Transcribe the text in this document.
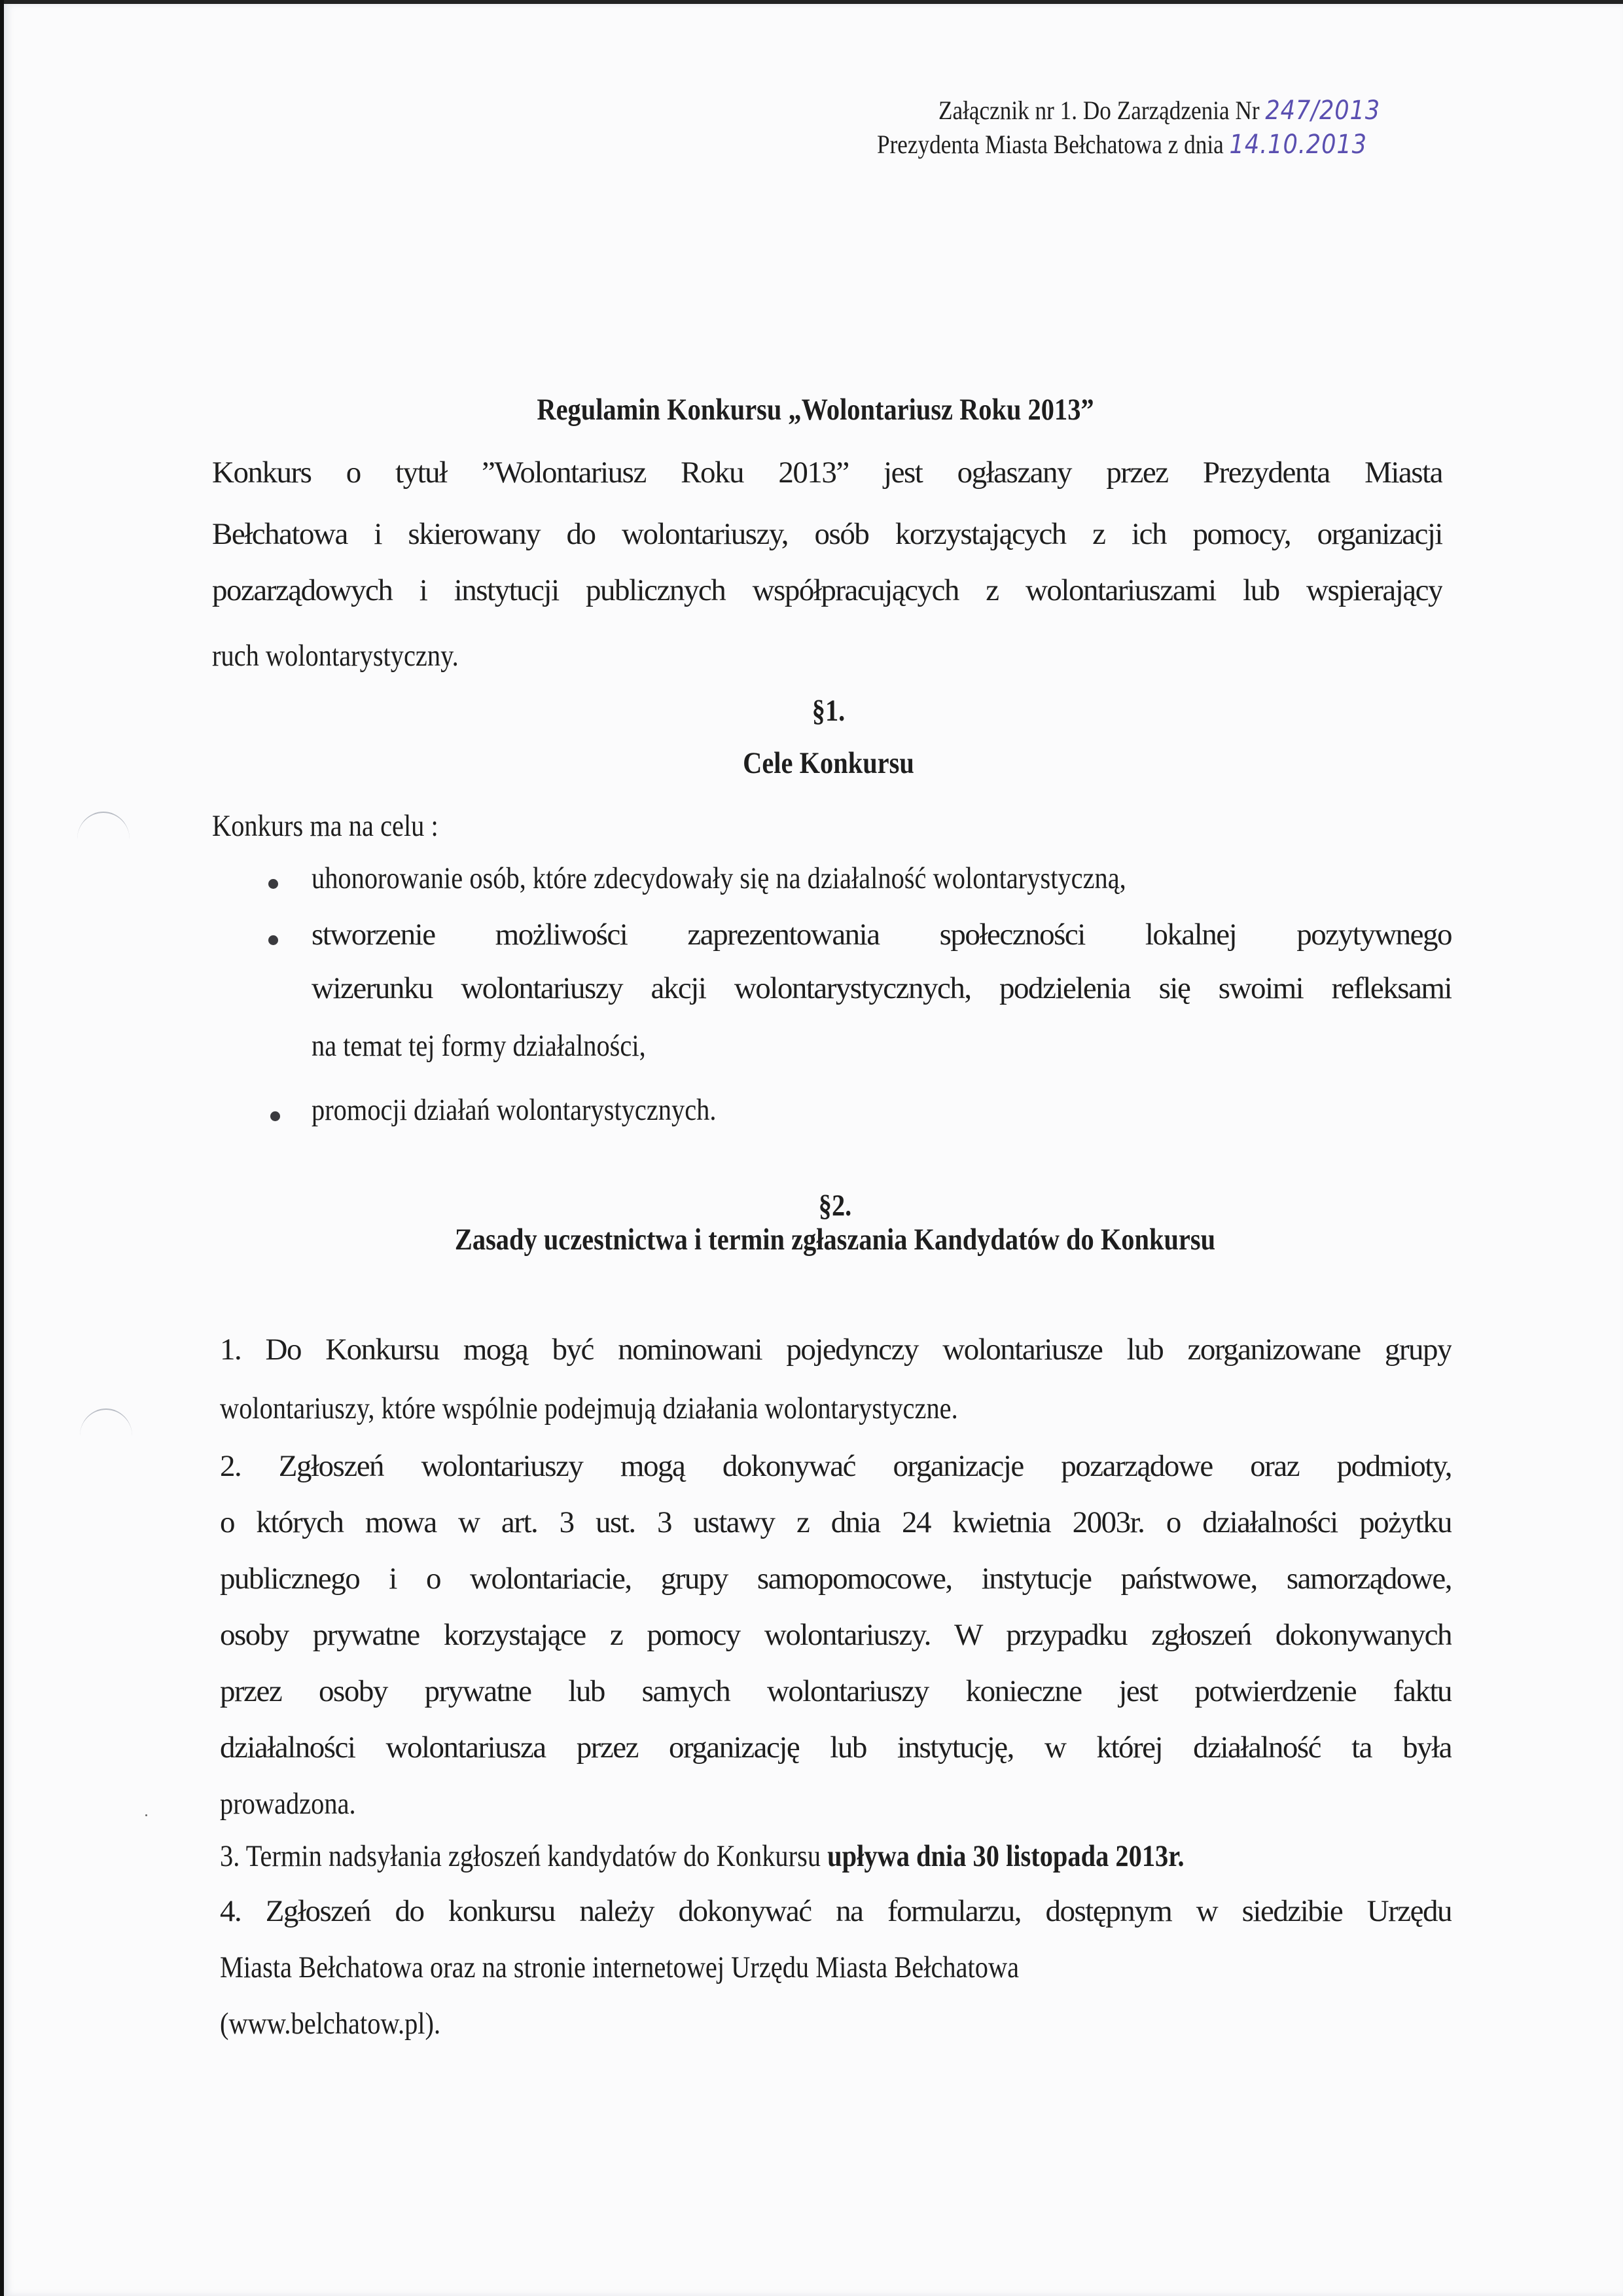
Załącznik nr 1. Do Zarządzenia Nr 247/2013
Prezydenta Miasta Bełchatowa z dnia 14.10.2013
Regulamin Konkursu „Wolontariusz Roku 2013”
Konkurs o tytuł ”Wolontariusz Roku 2013” jest ogłaszany przez Prezydenta Miasta
Bełchatowa i skierowany do wolontariuszy, osób korzystających z ich pomocy, organizacji
pozarządowych i instytucji publicznych współpracujących z wolontariuszami lub wspierający
ruch wolontarystyczny.
§1.
Cele Konkursu
Konkurs ma na celu :
uhonorowanie osób, które zdecydowały się na działalność wolontarystyczną,
stworzenie możliwości zaprezentowania społeczności lokalnej pozytywnego
wizerunku wolontariuszy akcji wolontarystycznych, podzielenia się swoimi refleksami
na temat tej formy działalności,
promocji działań wolontarystycznych.
§2.
Zasady uczestnictwa i termin zgłaszania Kandydatów do Konkursu
1. Do Konkursu mogą być nominowani pojedynczy wolontariusze lub zorganizowane grupy
wolontariuszy, które wspólnie podejmują działania wolontarystyczne.
2. Zgłoszeń wolontariuszy mogą dokonywać organizacje pozarządowe oraz podmioty,
o których mowa w art. 3 ust. 3 ustawy z dnia 24 kwietnia 2003r. o działalności pożytku
publicznego i o wolontariacie, grupy samopomocowe, instytucje państwowe, samorządowe,
osoby prywatne korzystające z pomocy wolontariuszy. W przypadku zgłoszeń dokonywanych
przez osoby prywatne lub samych wolontariuszy konieczne jest potwierdzenie faktu
działalności wolontariusza przez organizację lub instytucję, w której działalność ta była
prowadzona.
3. Termin nadsyłania zgłoszeń kandydatów do Konkursu upływa dnia 30 listopada 2013r.
4. Zgłoszeń do konkursu należy dokonywać na formularzu, dostępnym w siedzibie Urzędu
Miasta Bełchatowa oraz na stronie internetowej Urzędu Miasta Bełchatowa
(www.belchatow.pl).
